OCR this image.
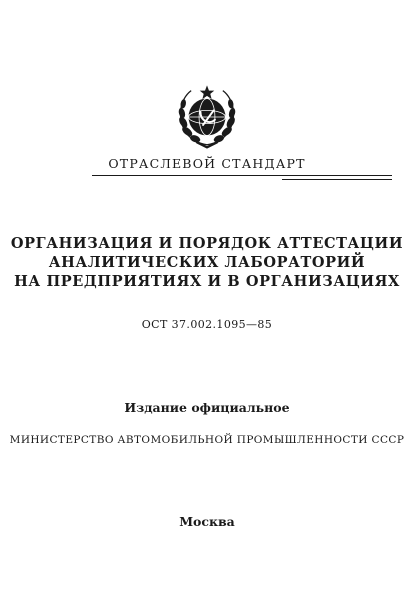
ОТРАСЛЕВОЙ СТАНДАРТ
ОРГАНИЗАЦИЯ И ПОРЯДОК АТТЕСТАЦИИ
АНАЛИТИЧЕСКИХ ЛАБОРАТОРИЙ
НА ПРЕДПРИЯТИЯХ И В ОРГАНИЗАЦИЯХ
ОСТ 37.002.1095—85
Издание официальное
МИНИСТЕРСТВО АВТОМОБИЛЬНОЙ ПРОМЫШЛЕННОСТИ СССР
Москва
